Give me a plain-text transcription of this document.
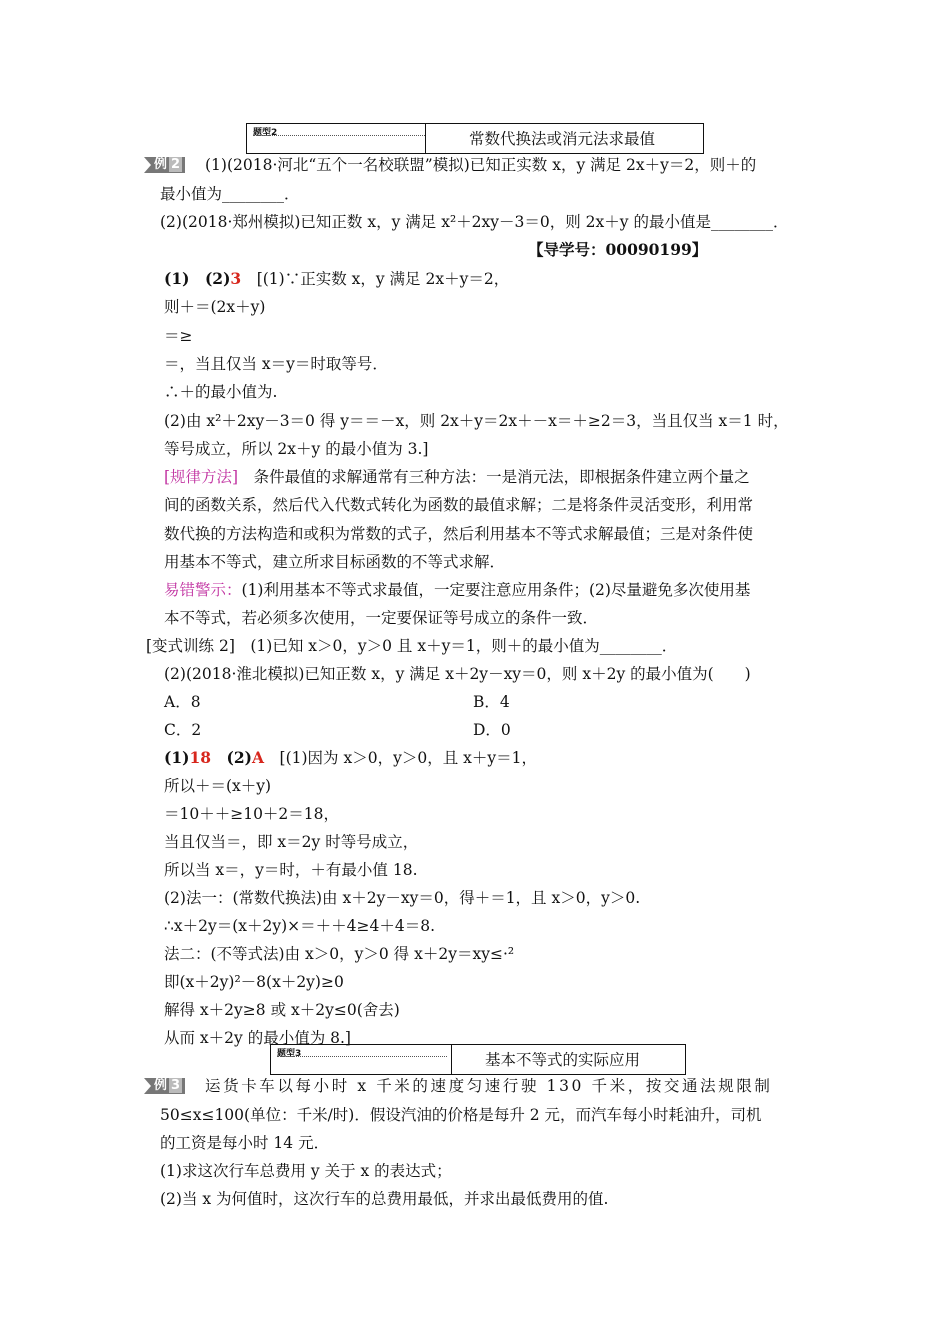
题型2	常数代换法或消元法求最值
例 2	(1)(2018·河北“五个一名校联盟”模拟)已知正实数 x，y 满足 2x＋y＝2，则＋的
最小值为________．
(2)(2018·郑州模拟)已知正数 x，y 满足 x²＋2xy－3＝0，则 2x＋y 的最小值是________．
【导学号：00090199】
(1)　(2)3　[(1)∵正实数 x，y 满足 2x＋y＝2，
则＋＝(2x＋y)
＝≥
＝，当且仅当 x＝y＝时取等号．
∴＋的最小值为.
(2)由 x²＋2xy－3＝0 得 y＝＝－x，则 2x＋y＝2x＋－x＝＋≥2＝3，当且仅当 x＝1 时，
等号成立，所以 2x＋y 的最小值为 3.]
[规律方法]　条件最值的求解通常有三种方法：一是消元法，即根据条件建立两个量之
间的函数关系，然后代入代数式转化为函数的最值求解；二是将条件灵活变形，利用常
数代换的方法构造和或积为常数的式子，然后利用基本不等式求解最值；三是对条件使
用基本不等式，建立所求目标函数的不等式求解．
易错警示：(1)利用基本不等式求最值，一定要注意应用条件；(2)尽量避免多次使用基
本不等式，若必须多次使用，一定要保证等号成立的条件一致．
[变式训练 2]　(1)已知 x＞0，y＞0 且 x＋y＝1，则＋的最小值为________．
(2)(2018·淮北模拟)已知正数 x，y 满足 x＋2y－xy＝0，则 x＋2y 的最小值为(　　)
A．8	B．4
C．2	D．0
(1)18　 (2)A　 [(1)因为 x＞0，y＞0，且 x＋y＝1，
所以＋＝(x＋y)
＝10＋＋≥10＋2＝18，
当且仅当＝，即 x＝2y 时等号成立，
所以当 x＝，y＝时，＋有最小值 18.
(2)法一：(常数代换法)由 x＋2y－xy＝0，得＋＝1，且 x＞0，y＞0.
∴x＋2y＝(x＋2y)×＝＋＋4≥4＋4＝8.
法二：(不等式法)由 x＞0，y＞0 得 x＋2y＝xy≤·²
即(x＋2y)²－8(x＋2y)≥0
解得 x＋2y≥8 或 x＋2y≤0(舍去)
从而 x＋2y 的最小值为 8.]
题型3	基本不等式的实际应用
例 3	运货卡车以每小时 x 千米的速度匀速行驶 130 千米，按交通法规限制
50≤x≤100(单位：千米/时)．假设汽油的价格是每升 2 元，而汽车每小时耗油升，司机
的工资是每小时 14 元．
(1)求这次行车总费用 y 关于 x 的表达式；
(2)当 x 为何值时，这次行车的总费用最低，并求出最低费用的值.
